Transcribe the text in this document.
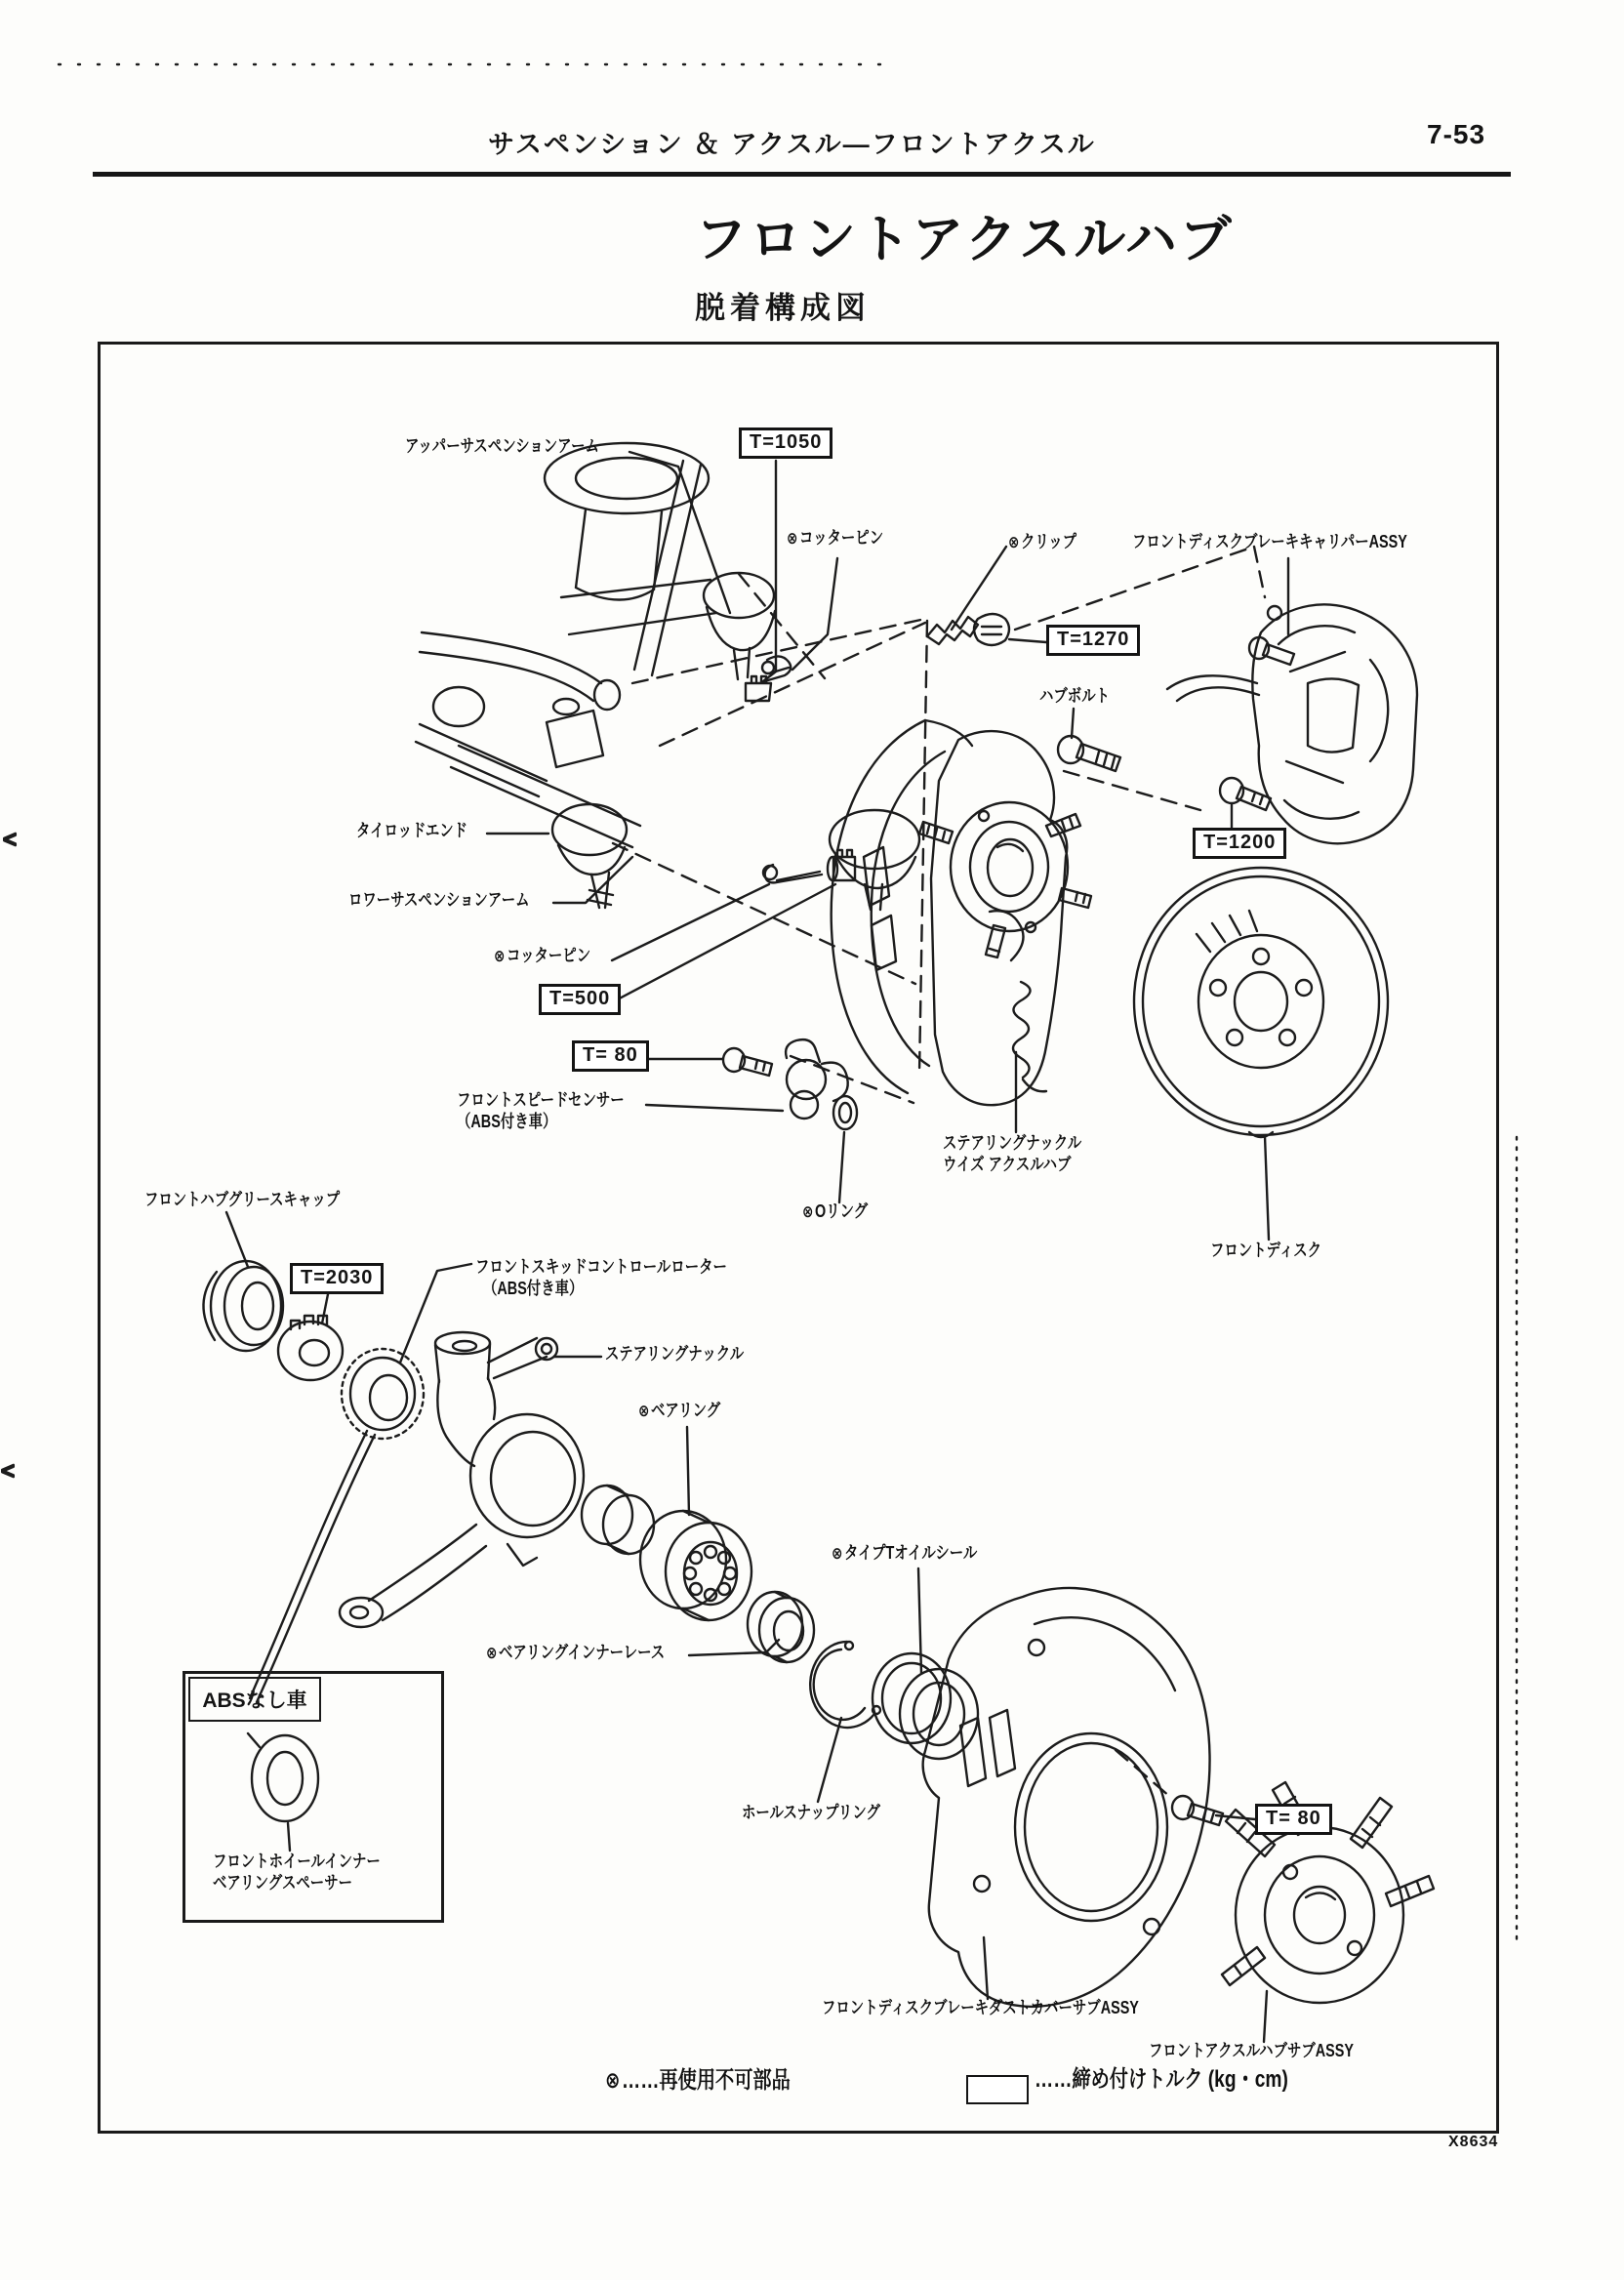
サスペンション ＆ アクスル―フロントアクスル	7-53
フロントアクスルハブ
脱着構成図
<
<
アッパーサスペンションアーム
⊗コッターピン	⊗クリップ	フロントディスクブレーキキャリパーASSY
ハブボルト
タイロッドエンド
ロワーサスペンションアーム
⊗コッターピン
フロントスピードセンサー
（ABS付き車）
ステアリングナックル
ウイズ アクスルハブ
⊗Oリング
フロントハブグリースキャップ
フロントスキッドコントロールローター
（ABS付き車）
ステアリングナックル
⊗ベアリング
⊗タイプTオイルシール
⊗ベアリングインナーレース
ホールスナップリング
フロントホイールインナー
ベアリングスペーサー
フロントディスク
フロントディスクブレーキダストカバーサブASSY
フロントアクスルハブサブASSY
T=1050
T=1270
T=1200
T=500
T= 80
T=2030
T= 80
ABSなし車
⊗……再使用不可部品	……締め付けトルク (kg・cm)
X8634
